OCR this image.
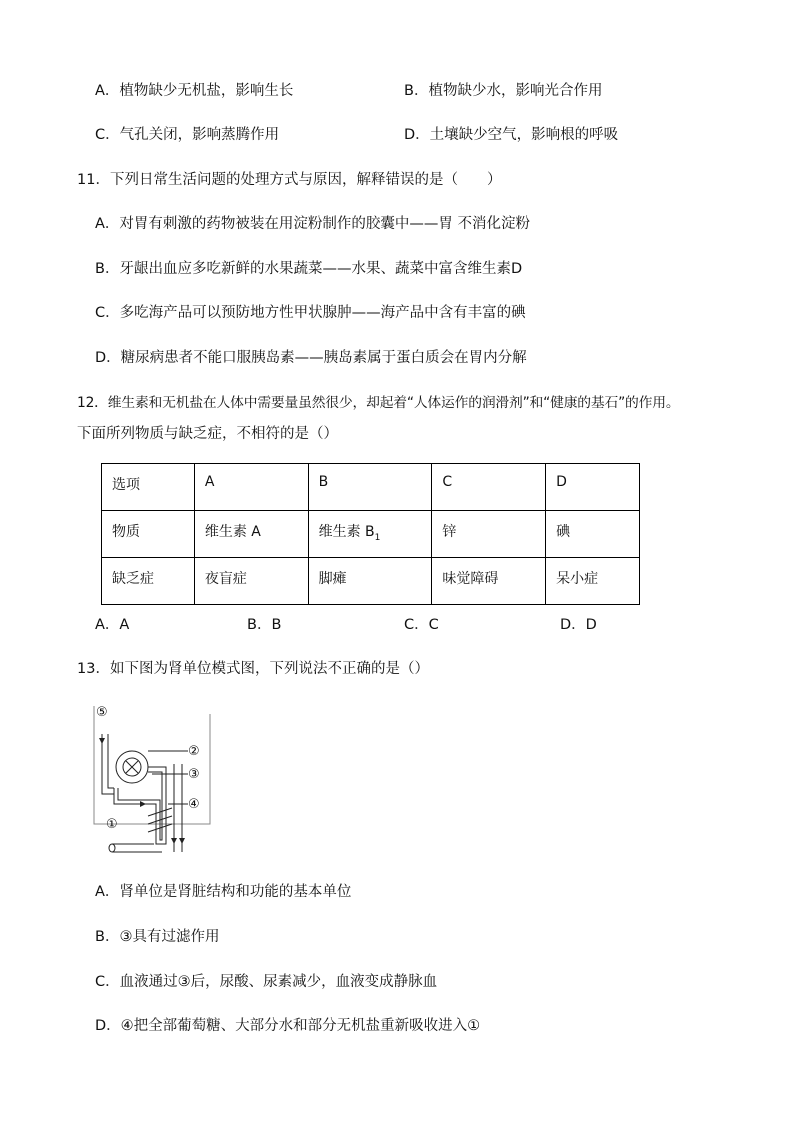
A．植物缺少无机盐，影响生长	B．植物缺少水，影响光合作用
C．气孔关闭，影响蒸腾作用	D．土壤缺少空气，影响根的呼吸
11．下列日常生活问题的处理方式与原因，解释错误的是（　　）
A．对胃有刺激的药物被装在用淀粉制作的胶囊中——胃 不消化淀粉
B．牙龈出血应多吃新鲜的水果蔬菜——水果、蔬菜中富含维生素D
C．多吃海产品可以预防地方性甲状腺肿——海产品中含有丰富的碘
D．糖尿病患者不能口服胰岛素——胰岛素属于蛋白质会在胃内分解
12．维生素和无机盐在人体中需要量虽然很少，却起着“人体运作的润滑剂”和“健康的基石”的作用。
下面所列物质与缺乏症，不相符的是（）
选项	A	B	C	D
物质	维生素 A	维生素 $B_1$	锌	碘
缺乏症	夜盲症	脚瘫	味觉障碍	呆小症
A．A	B．B	C．C	D．D
13．如下图为肾单位模式图，下列说法不正确的是（）
⑤
②
③
④
①
A．肾单位是肾脏结构和功能的基本单位
B．③具有过滤作用
C．血液通过③后，尿酸、尿素减少，血液变成静脉血
D．④把全部葡萄糖、大部分水和部分无机盐重新吸收进入①
